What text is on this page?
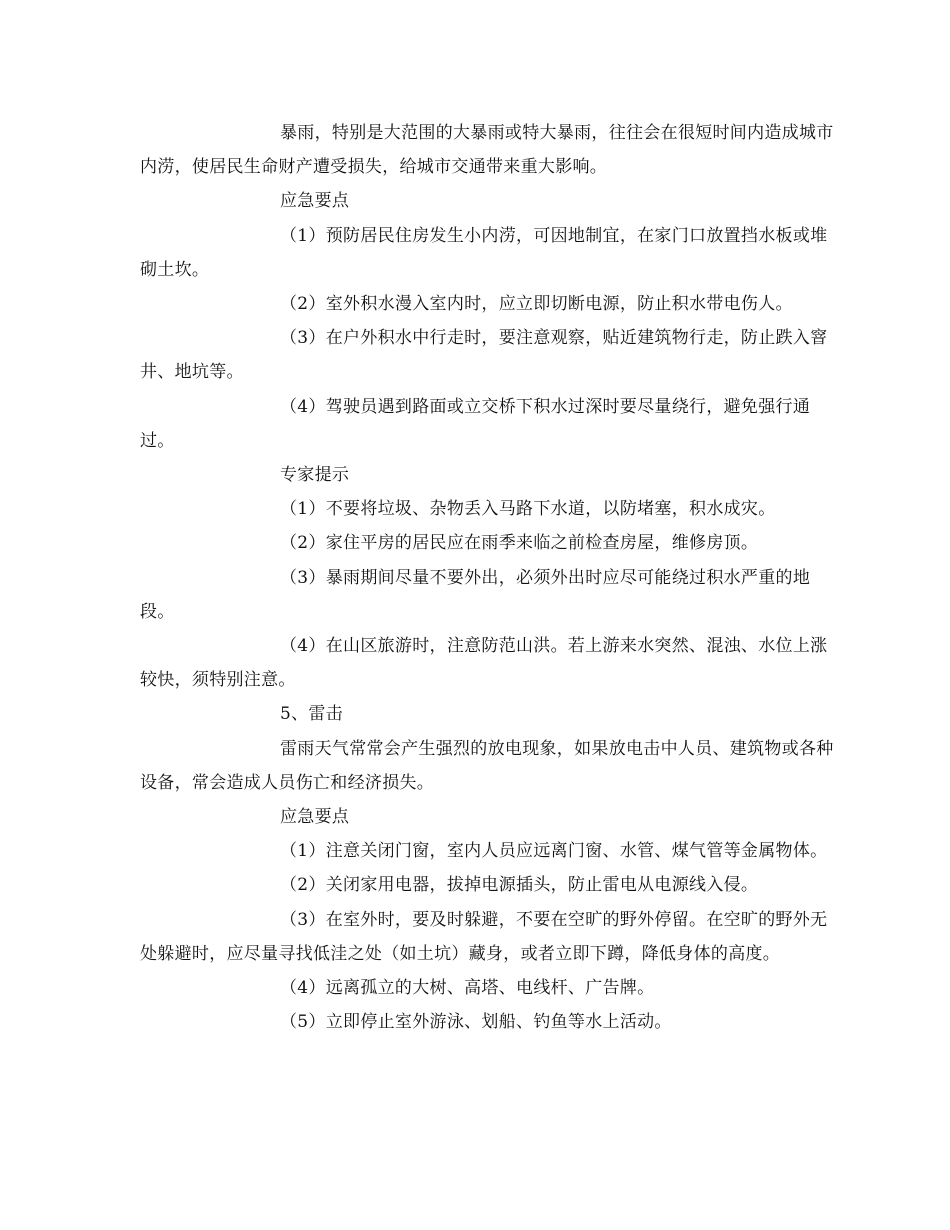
暴雨，特别是大范围的大暴雨或特大暴雨，往往会在很短时间内造成城市内涝，使居民生命财产遭受损失，给城市交通带来重大影响。

应急要点

（1）预防居民住房发生小内涝，可因地制宜，在家门口放置挡水板或堆砌土坎。

（2）室外积水漫入室内时，应立即切断电源，防止积水带电伤人。

（3）在户外积水中行走时，要注意观察，贴近建筑物行走，防止跌入窨井、地坑等。

（4）驾驶员遇到路面或立交桥下积水过深时要尽量绕行，避免强行通过。

专家提示

（1）不要将垃圾、杂物丢入马路下水道，以防堵塞，积水成灾。

（2）家住平房的居民应在雨季来临之前检查房屋，维修房顶。

（3）暴雨期间尽量不要外出，必须外出时应尽可能绕过积水严重的地段。

（4）在山区旅游时，注意防范山洪。若上游来水突然、混浊、水位上涨较快，须特别注意。

5、雷击

雷雨天气常常会产生强烈的放电现象，如果放电击中人员、建筑物或各种设备，常会造成人员伤亡和经济损失。

应急要点

（1）注意关闭门窗，室内人员应远离门窗、水管、煤气管等金属物体。

（2）关闭家用电器，拔掉电源插头，防止雷电从电源线入侵。

（3）在室外时，要及时躲避，不要在空旷的野外停留。在空旷的野外无处躲避时，应尽量寻找低洼之处（如土坑）藏身，或者立即下蹲，降低身体的高度。

（4）远离孤立的大树、高塔、电线杆、广告牌。

（5）立即停止室外游泳、划船、钓鱼等水上活动。
